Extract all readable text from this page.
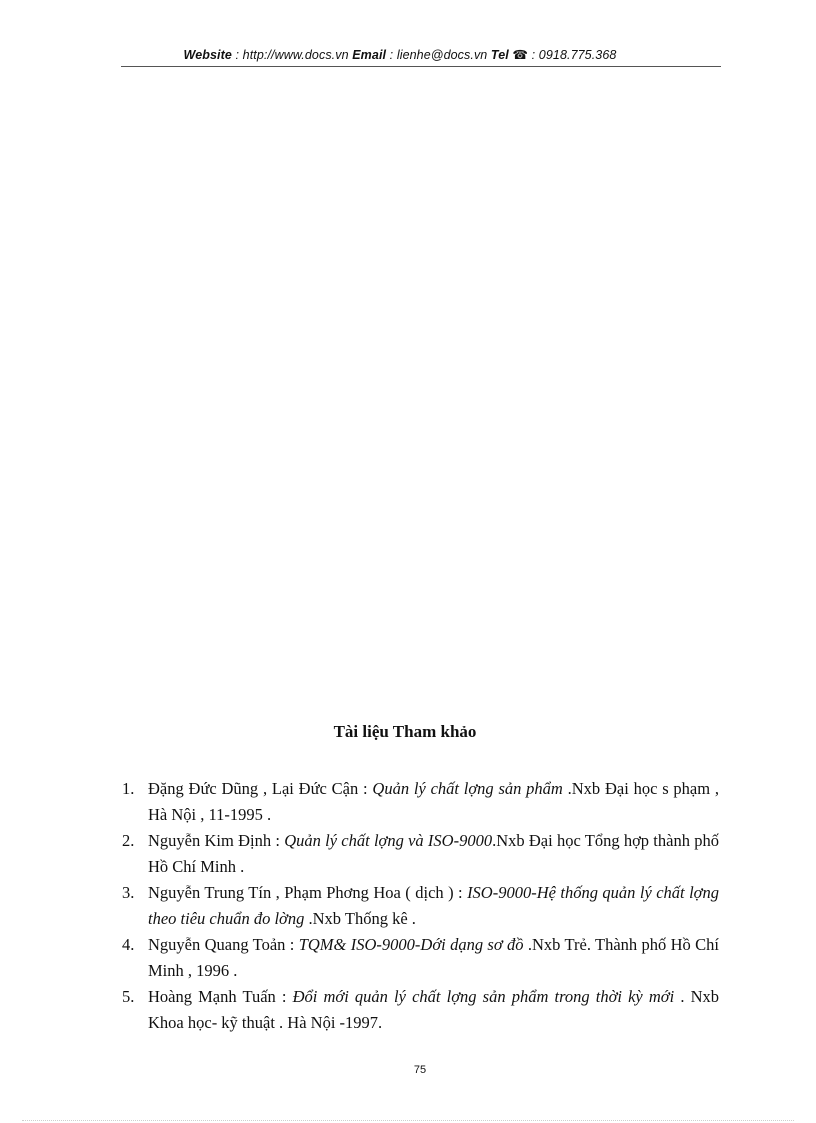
Website : http://www.docs.vn Email : lienhe@docs.vn Tel ☎ : 0918.775.368
Tài liệu Tham khảo
1. Đặng Đức Dũng , Lại Đức Cận : Quản lý chất lợng sản phẩm .Nxb Đại học s phạm , Hà Nội , 11-1995 .
2. Nguyễn Kim Định : Quản lý chất lợng và ISO-9000.Nxb Đại học Tổng hợp thành phố Hồ Chí Minh .
3. Nguyễn Trung Tín , Phạm Phơng Hoa ( dịch ) : ISO-9000-Hệ thống quản lý chất lợng theo tiêu chuẩn đo lờng .Nxb Thống kê .
4. Nguyễn Quang Toản : TQM& ISO-9000-Dới dạng sơ đồ .Nxb Trẻ. Thành phố Hồ Chí Minh , 1996 .
5. Hoàng Mạnh Tuấn : Đổi mới quản lý chất lợng sản phẩm trong thời kỳ mới . Nxb Khoa học- kỹ thuật . Hà Nội -1997.
75
